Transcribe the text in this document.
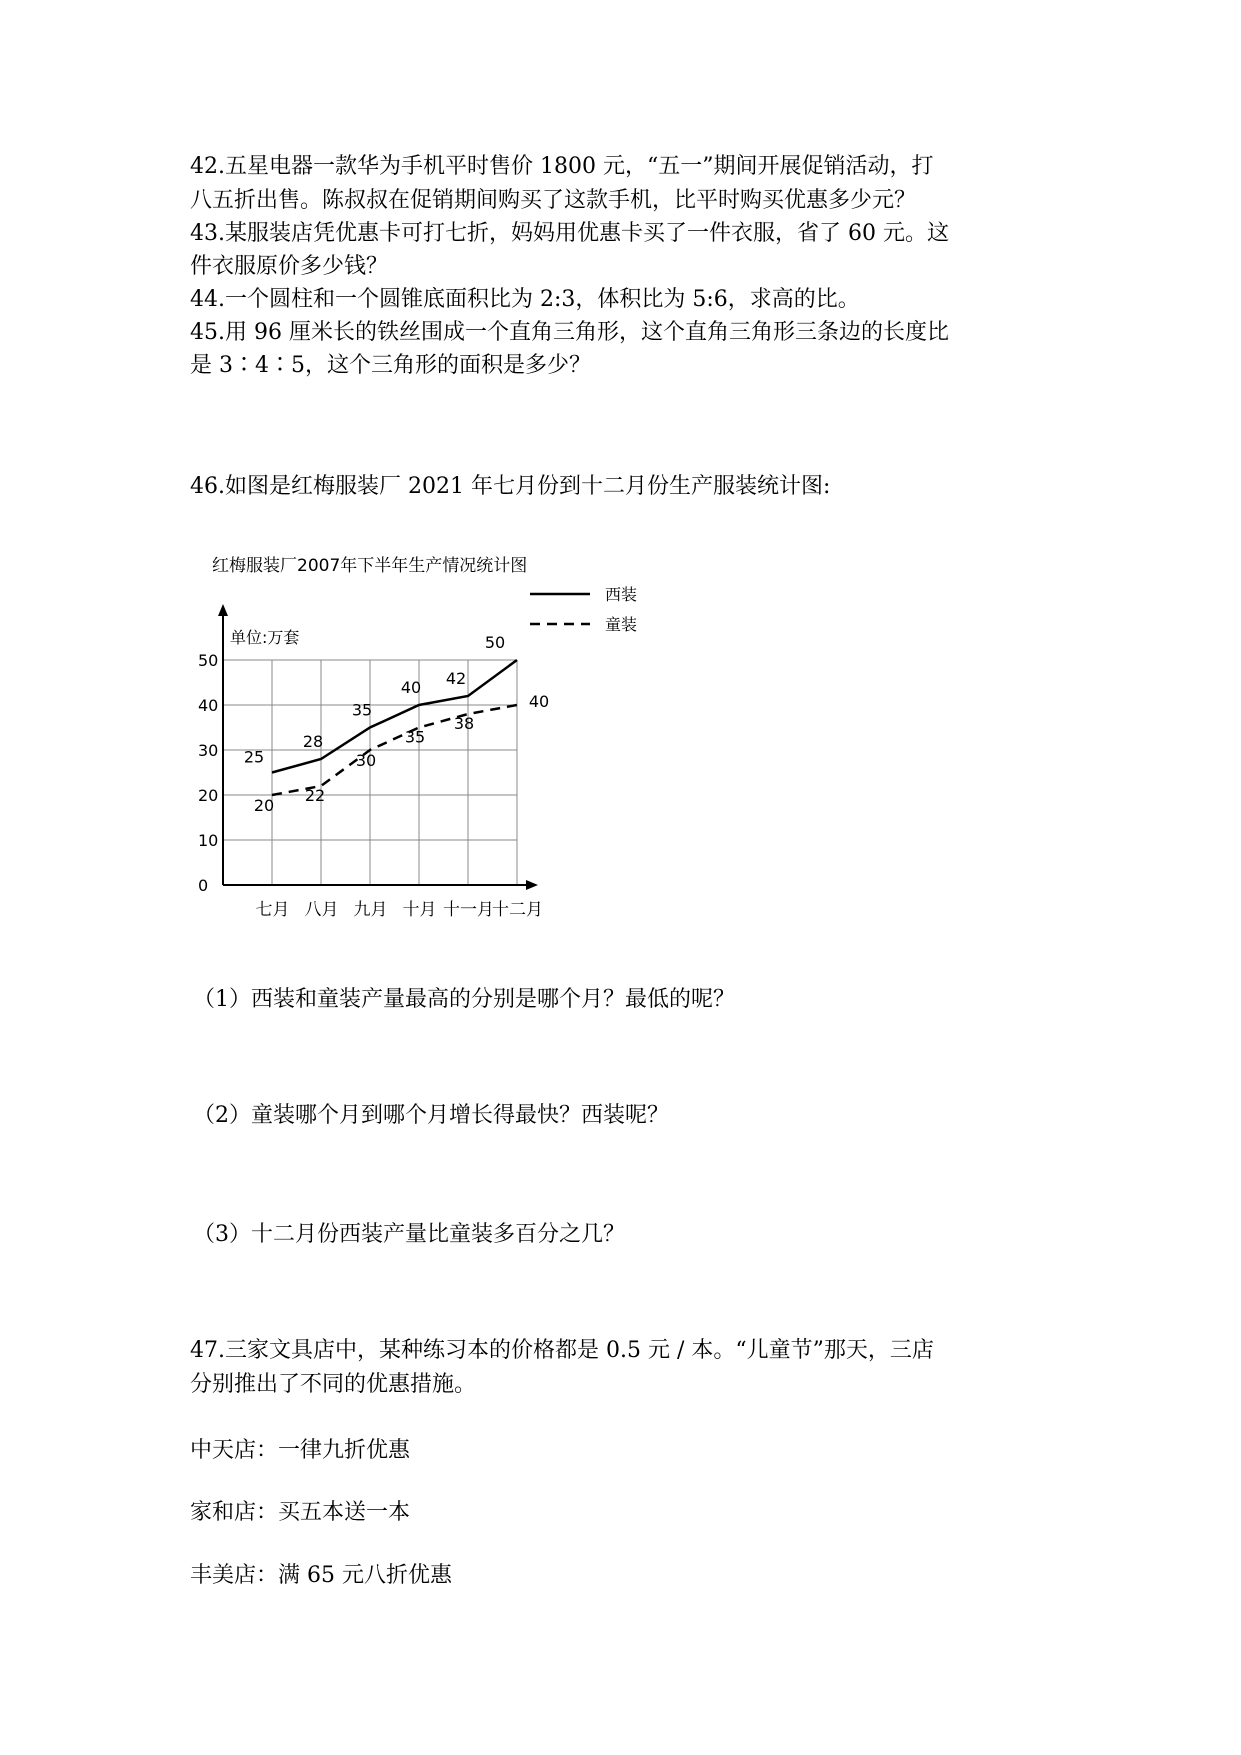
42.五星电器一款华为手机平时售价 1800 元，“五一”期间开展促销活动，打
八五折出售。陈叔叔在促销期间购买了这款手机，比平时购买优惠多少元？
43.某服装店凭优惠卡可打七折，妈妈用优惠卡买了一件衣服，省了 60 元。这
件衣服原价多少钱？
44.一个圆柱和一个圆锥底面积比为 2:3，体积比为 5:6，求高的比。
45.用 96 厘米长的铁丝围成一个直角三角形，这个直角三角形三条边的长度比
是 3∶4∶5，这个三角形的面积是多少？
46.如图是红梅服装厂 2021 年七月份到十二月份生产服装统计图:
红梅服装厂2007年下半年生产情况统计图
西装
童装
单位:万套
0
10
20
30
40
50
七月 八月 九月 十月 十一月
十二月
25
28
35
40 42
50
20
22
30
35
38
40
（1）西装和童装产量最高的分别是哪个月？最低的呢？
（2）童装哪个月到哪个月增长得最快？西装呢？
（3）十二月份西装产量比童装多百分之几？
47.三家文具店中，某种练习本的价格都是 0.5 元 / 本。“儿童节”那天，三店
分别推出了不同的优惠措施。
中天店：一律九折优惠
家和店：买五本送一本
丰美店：满 65 元八折优惠
